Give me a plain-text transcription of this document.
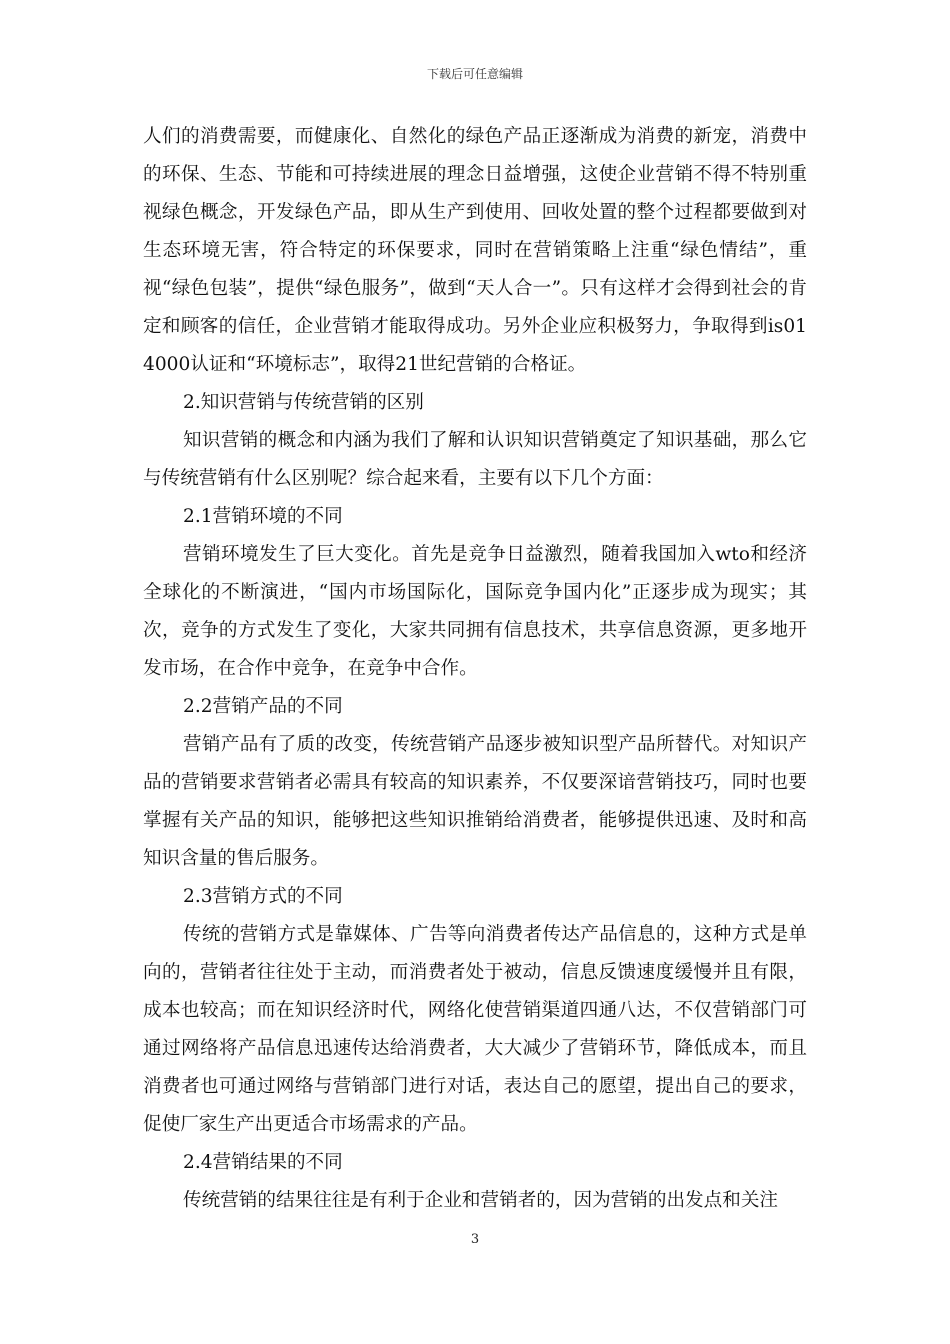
下载后可任意编辑

人们的消费需要，而健康化、自然化的绿色产品正逐渐成为消费的新宠，消费中的环保、生态、节能和可持续进展的理念日益增强，这使企业营销不得不特别重视绿色概念，开发绿色产品，即从生产到使用、回收处置的整个过程都要做到对生态环境无害，符合特定的环保要求，同时在营销策略上注重“绿色情结”，重视“绿色包装”，提供“绿色服务”，做到“天人合一”。只有这样才会得到社会的肯定和顾客的信任，企业营销才能取得成功。另外企业应积极努力，争取得到is014000认证和“环境标志”，取得21世纪营销的合格证。

2.知识营销与传统营销的区别

知识营销的概念和内涵为我们了解和认识知识营销奠定了知识基础，那么它与传统营销有什么区别呢？综合起来看，主要有以下几个方面：

2.1营销环境的不同

营销环境发生了巨大变化。首先是竞争日益激烈，随着我国加入wto和经济全球化的不断演进，“国内市场国际化，国际竞争国内化”正逐步成为现实；其次，竞争的方式发生了变化，大家共同拥有信息技术，共享信息资源，更多地开发市场，在合作中竞争，在竞争中合作。

2.2营销产品的不同

营销产品有了质的改变，传统营销产品逐步被知识型产品所替代。对知识产品的营销要求营销者必需具有较高的知识素养，不仅要深谙营销技巧，同时也要掌握有关产品的知识，能够把这些知识推销给消费者，能够提供迅速、及时和高知识含量的售后服务。

2.3营销方式的不同

传统的营销方式是靠媒体、广告等向消费者传达产品信息的，这种方式是单向的，营销者往往处于主动，而消费者处于被动，信息反馈速度缓慢并且有限，成本也较高；而在知识经济时代，网络化使营销渠道四通八达，不仅营销部门可通过网络将产品信息迅速传达给消费者，大大减少了营销环节，降低成本，而且消费者也可通过网络与营销部门进行对话，表达自己的愿望，提出自己的要求，促使厂家生产出更适合市场需求的产品。

2.4营销结果的不同

传统营销的结果往往是有利于企业和营销者的，因为营销的出发点和关注

3
